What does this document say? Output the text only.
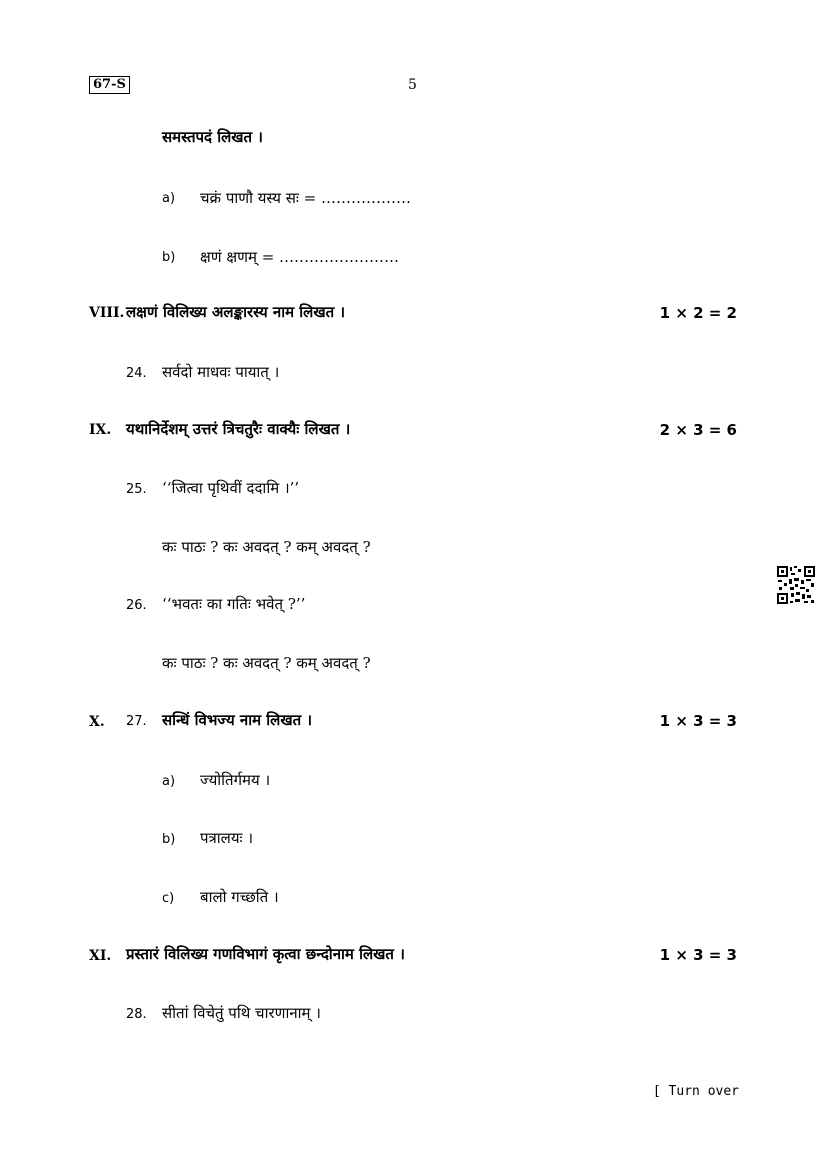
67-S	5
समस्तपदं लिखत ।
a) चक्रं पाणौ यस्य सः = ………………
b) क्षणं क्षणम् = ……………………
VIII. लक्षणं विलिख्य अलङ्कारस्य नाम लिखत ।	1 × 2 = 2
24. सर्वदो माधवः पायात् ।
IX. यथानिर्देशम् उत्तरं त्रिचतुरैः वाक्यैः लिखत ।	2 × 3 = 6
25. ‘‘जित्वा पृथिवीं ददामि ।’’
कः पाठः ? कः अवदत् ? कम् अवदत् ?
26. ‘‘भवतः का गतिः भवेत् ?’’
कः पाठः ? कः अवदत् ? कम् अवदत् ?
X. 27. सन्धिं विभज्य नाम लिखत ।	1 × 3 = 3
a) ज्योतिर्गमय ।
b) पत्रालयः ।
c) बालो गच्छति ।
XI. प्रस्तारं विलिख्य गणविभागं कृत्वा छन्दोनाम लिखत ।	1 × 3 = 3
28. सीतां विचेतुं पथि चारणानाम् ।
[ Turn over
